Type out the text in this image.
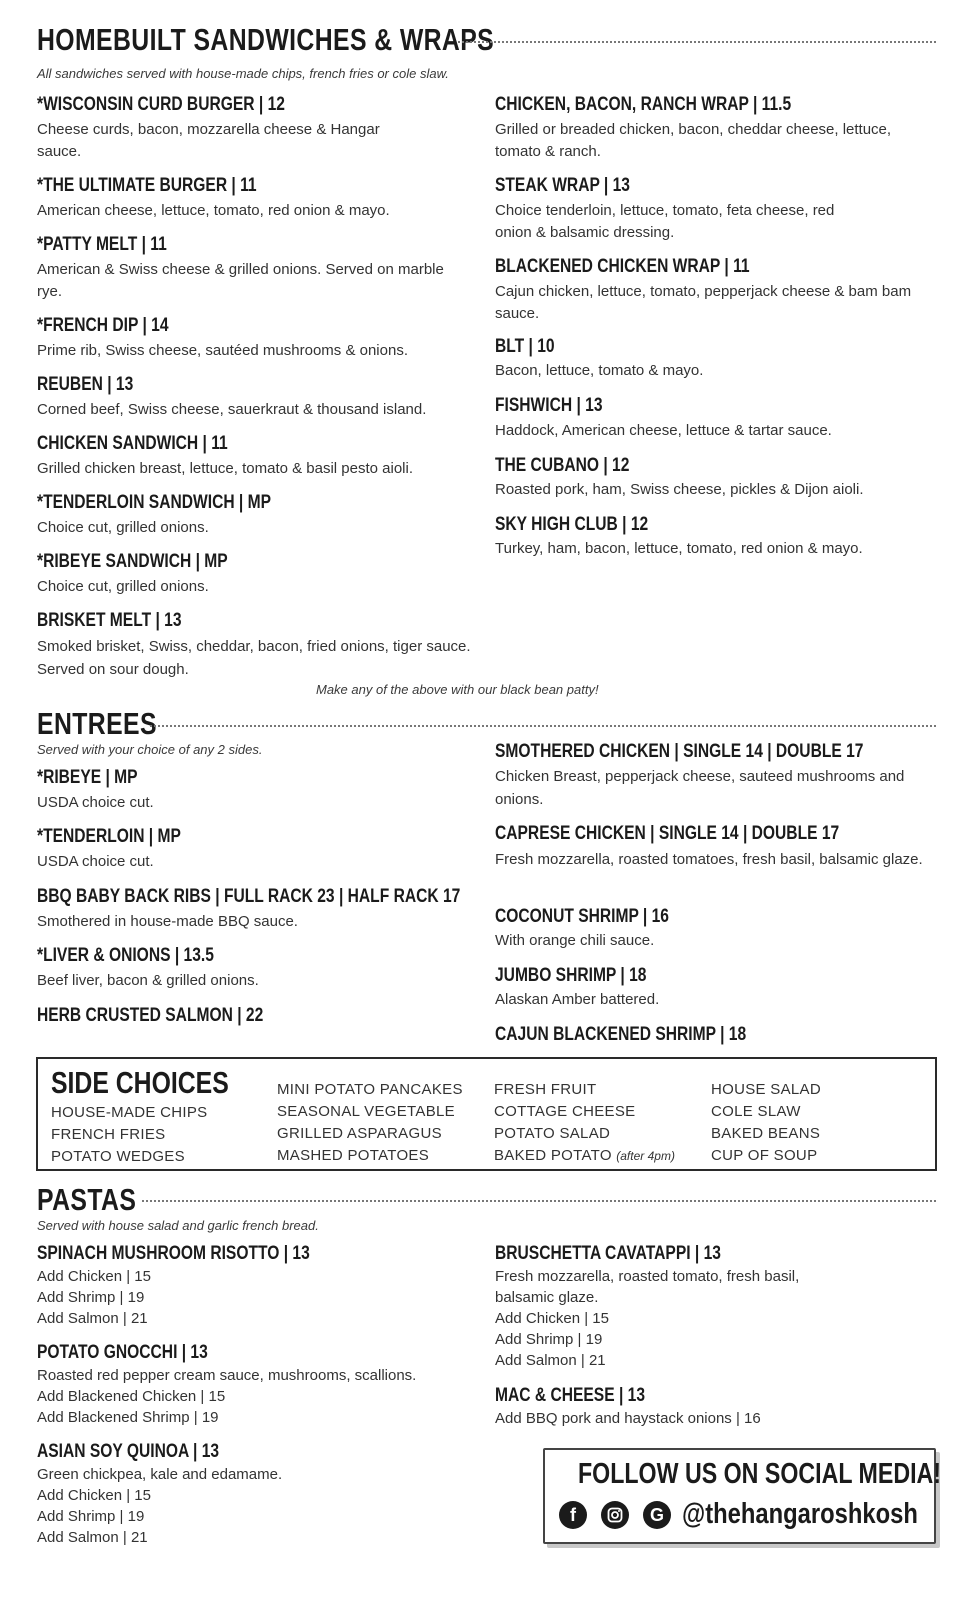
HOMEBUILT SANDWICHES & WRAPS
All sandwiches served with house-made chips, french fries or cole slaw.
*WISCONSIN CURD BURGER | 12
Cheese curds, bacon, mozzarella cheese & Hangar sauce.
*THE ULTIMATE BURGER | 11
American cheese, lettuce, tomato, red onion & mayo.
*PATTY MELT | 11
American & Swiss cheese & grilled onions. Served on marble rye.
*FRENCH DIP | 14
Prime rib, Swiss cheese, sautéed mushrooms & onions.
REUBEN | 13
Corned beef, Swiss cheese, sauerkraut & thousand island.
CHICKEN SANDWICH | 11
Grilled chicken breast, lettuce, tomato & basil pesto aioli.
*TENDERLOIN SANDWICH | MP
Choice cut, grilled onions.
*RIBEYE SANDWICH | MP
Choice cut, grilled onions.
BRISKET MELT | 13
Smoked brisket, Swiss, cheddar, bacon, fried onions, tiger sauce. Served on sour dough.
CHICKEN, BACON, RANCH WRAP | 11.5
Grilled or breaded chicken, bacon, cheddar cheese, lettuce, tomato & ranch.
STEAK WRAP | 13
Choice tenderloin, lettuce, tomato, feta cheese, red onion & balsamic dressing.
BLACKENED CHICKEN WRAP | 11
Cajun chicken, lettuce, tomato, pepperjack cheese & bam bam sauce.
BLT | 10
Bacon, lettuce, tomato & mayo.
FISHWICH | 13
Haddock, American cheese, lettuce & tartar sauce.
THE CUBANO | 12
Roasted pork, ham, Swiss cheese, pickles & Dijon aioli.
SKY HIGH CLUB | 12
Turkey, ham, bacon, lettuce, tomato, red onion & mayo.
Make any of the above with our black bean patty!
ENTREES
Served with your choice of any 2 sides.
*RIBEYE | MP
USDA choice cut.
*TENDERLOIN | MP
USDA choice cut.
BBQ BABY BACK RIBS | FULL RACK 23 | HALF RACK 17
Smothered in house-made BBQ sauce.
*LIVER & ONIONS | 13.5
Beef liver, bacon & grilled onions.
HERB CRUSTED SALMON | 22
SMOTHERED CHICKEN | SINGLE 14 | DOUBLE 17
Chicken Breast, pepperjack cheese, sauteed mushrooms and onions.
CAPRESE CHICKEN | SINGLE 14 | DOUBLE 17
Fresh mozzarella, roasted tomatoes, fresh basil, balsamic glaze.
COCONUT SHRIMP | 16
With orange chili sauce.
JUMBO SHRIMP | 18
Alaskan Amber battered.
CAJUN BLACKENED SHRIMP | 18
SIDE CHOICES
HOUSE-MADE CHIPS
FRENCH FRIES
POTATO WEDGES
MINI POTATO PANCAKES
SEASONAL VEGETABLE
GRILLED ASPARAGUS
MASHED POTATOES
FRESH FRUIT
COTTAGE CHEESE
POTATO SALAD
BAKED POTATO (after 4pm)
HOUSE SALAD
COLE SLAW
BAKED BEANS
CUP OF SOUP
PASTAS
Served with house salad and garlic french bread.
SPINACH MUSHROOM RISOTTO | 13
Add Chicken | 15
Add Shrimp | 19
Add Salmon | 21
POTATO GNOCCHI | 13
Roasted red pepper cream sauce, mushrooms, scallions.
Add Blackened Chicken | 15
Add Blackened Shrimp | 19
ASIAN SOY QUINOA | 13
Green chickpea, kale and edamame.
Add Chicken | 15
Add Shrimp | 19
Add Salmon | 21
BRUSCHETTA CAVATAPPI | 13
Fresh mozzarella, roasted tomato, fresh basil, balsamic glaze.
Add Chicken | 15
Add Shrimp | 19
Add Salmon | 21
MAC & CHEESE | 13
Add BBQ pork and haystack onions | 16
FOLLOW US ON SOCIAL MEDIA!
f	G @thehangaroshkosh
